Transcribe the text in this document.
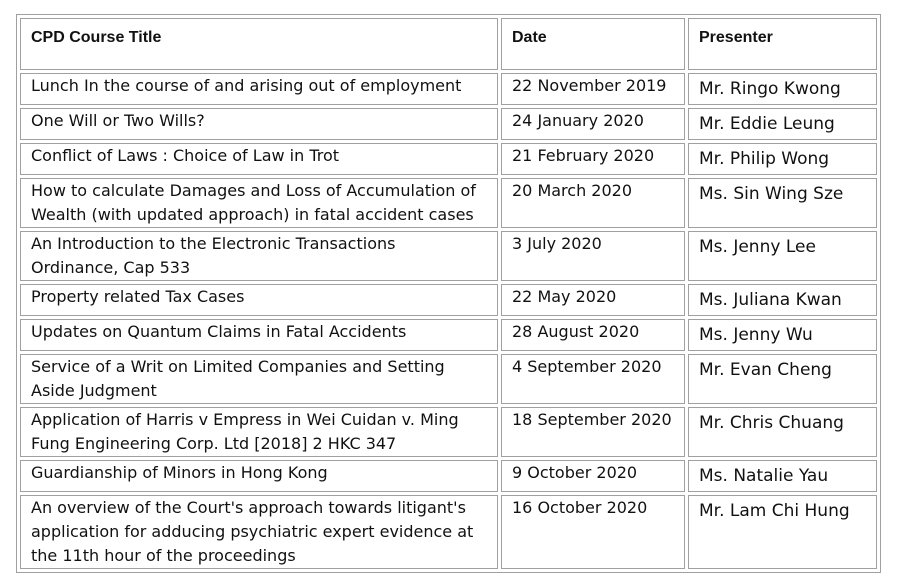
CPD Course Title	Date	Presenter
Lunch In the course of and arising out of employment	22 November 2019	Mr. Ringo Kwong
One Will or Two Wills?	24 January 2020	Mr. Eddie Leung
Conflict of Laws : Choice of Law in Trot	21 February 2020	Mr. Philip Wong
How to calculate Damages and Loss of Accumulation of Wealth (with updated approach) in fatal accident cases	20 March 2020	Ms. Sin Wing Sze
An Introduction to the Electronic Transactions Ordinance, Cap 533	3 July 2020	Ms. Jenny Lee
Property related Tax Cases	22 May 2020	Ms. Juliana Kwan
Updates on Quantum Claims in Fatal Accidents	28 August 2020	Ms. Jenny Wu
Service of a Writ on Limited Companies and Setting Aside Judgment	4 September 2020	Mr. Evan Cheng
Application of Harris v Empress in Wei Cuidan v. Ming Fung Engineering Corp. Ltd [2018] 2 HKC 347	18 September 2020	Mr. Chris Chuang
Guardianship of Minors in Hong Kong	9 October 2020	Ms. Natalie Yau
An overview of the Court's approach towards litigant's application for adducing psychiatric expert evidence at the 11th hour of the proceedings	16 October 2020	Mr. Lam Chi Hung
